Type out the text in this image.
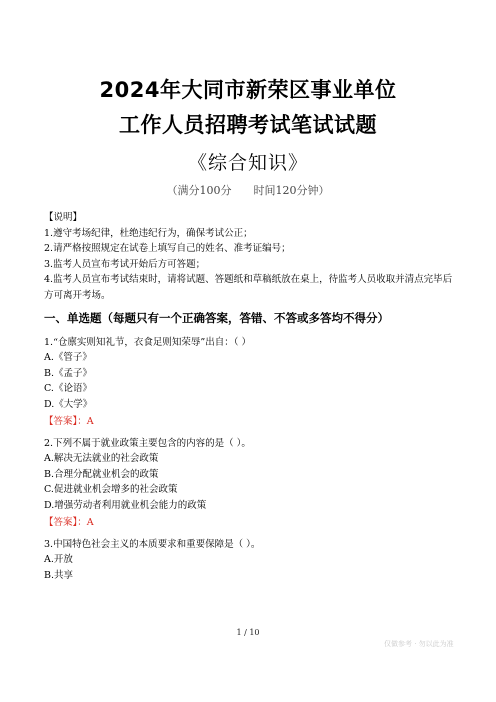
2024年大同市新荣区事业单位
工作人员招聘考试笔试试题
《综合知识》
（满分100分　　时间120分钟）
【说明】
1.遵守考场纪律，杜绝违纪行为，确保考试公正；
2.请严格按照规定在试卷上填写自己的姓名、准考证编号；
3.监考人员宣布考试开始后方可答题；
4.监考人员宣布考试结束时，请将试题、答题纸和草稿纸放在桌上，待监考人员收取并清点完毕后方可离开考场。
一、单选题（每题只有一个正确答案，答错、不答或多答均不得分）
1.“仓廪实则知礼节，衣食足则知荣辱”出自：（ ）
A.《管子》
B.《孟子》
C.《论语》
D.《大学》
【答案】：A
2.下列不属于就业政策主要包含的内容的是（ ）。
A.解决无法就业的社会政策
B.合理分配就业机会的政策
C.促进就业机会增多的社会政策
D.增强劳动者利用就业机会能力的政策
【答案】：A
3.中国特色社会主义的本质要求和重要保障是（ ）。
A.开放
B.共享
1 / 10
仅做参考 · 勿以此为准
